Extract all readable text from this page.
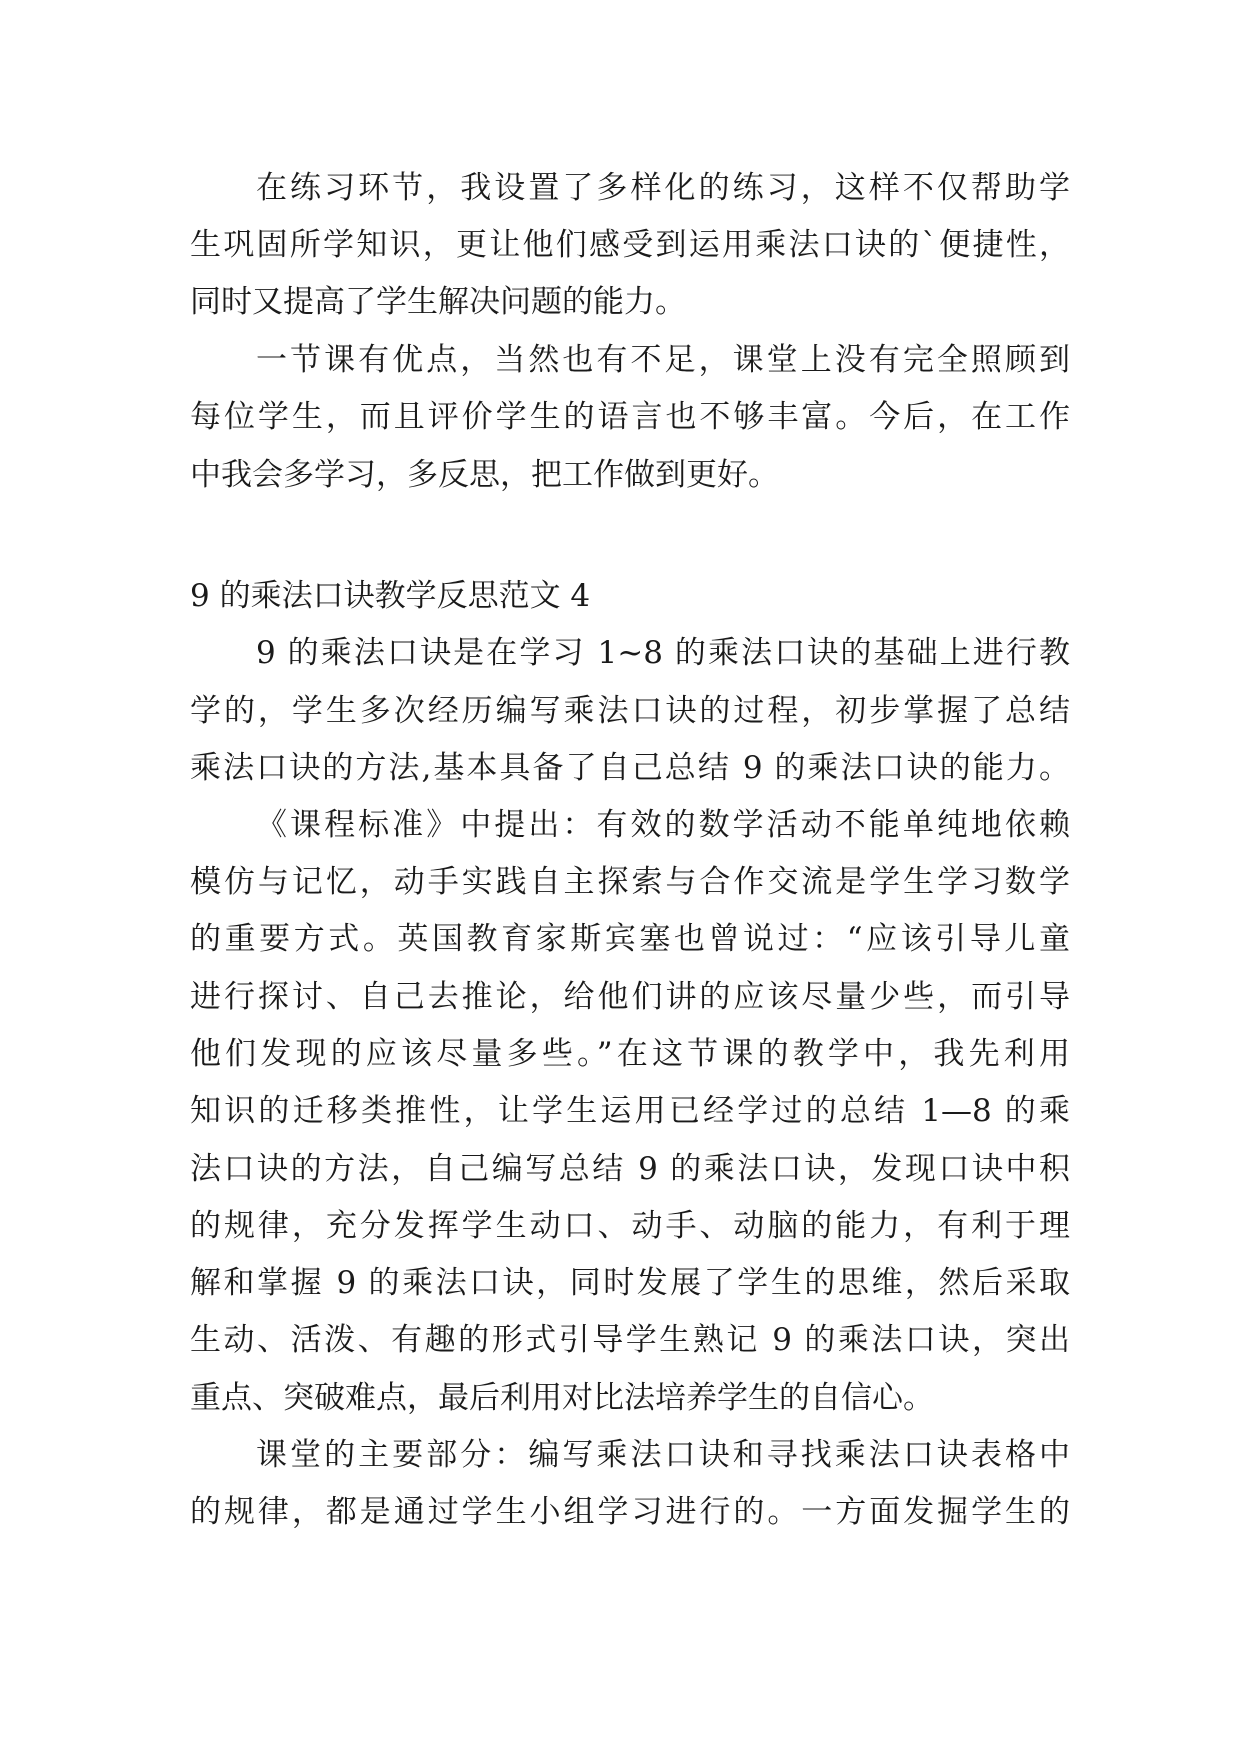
在练习环节，我设置了多样化的练习，这样不仅帮助学
生巩固所学知识，更让他们感受到运用乘法口诀的`便捷性，
同时又提高了学生解决问题的能力。
一节课有优点，当然也有不足，课堂上没有完全照顾到
每位学生，而且评价学生的语言也不够丰富。今后，在工作
中我会多学习，多反思，把工作做到更好。
9 的乘法口诀教学反思范文 4
9 的乘法口诀是在学习 1~8 的乘法口诀的基础上进行教
学的，学生多次经历编写乘法口诀的过程，初步掌握了总结
乘法口诀的方法,基本具备了自己总结 9 的乘法口诀的能力。
《课程标准》中提出：有效的数学活动不能单纯地依赖
模仿与记忆，动手实践自主探索与合作交流是学生学习数学
的重要方式。英国教育家斯宾塞也曾说过：“应该引导儿童
进行探讨、自己去推论，给他们讲的应该尽量少些，而引导
他们发现的应该尽量多些。”在这节课的教学中，我先利用
知识的迁移类推性，让学生运用已经学过的总结 1—8 的乘
法口诀的方法，自己编写总结 9 的乘法口诀，发现口诀中积
的规律，充分发挥学生动口、动手、动脑的能力，有利于理
解和掌握 9 的乘法口诀，同时发展了学生的思维，然后采取
生动、活泼、有趣的形式引导学生熟记 9 的乘法口诀，突出
重点、突破难点，最后利用对比法培养学生的自信心。
课堂的主要部分：编写乘法口诀和寻找乘法口诀表格中
的规律，都是通过学生小组学习进行的。一方面发掘学生的
